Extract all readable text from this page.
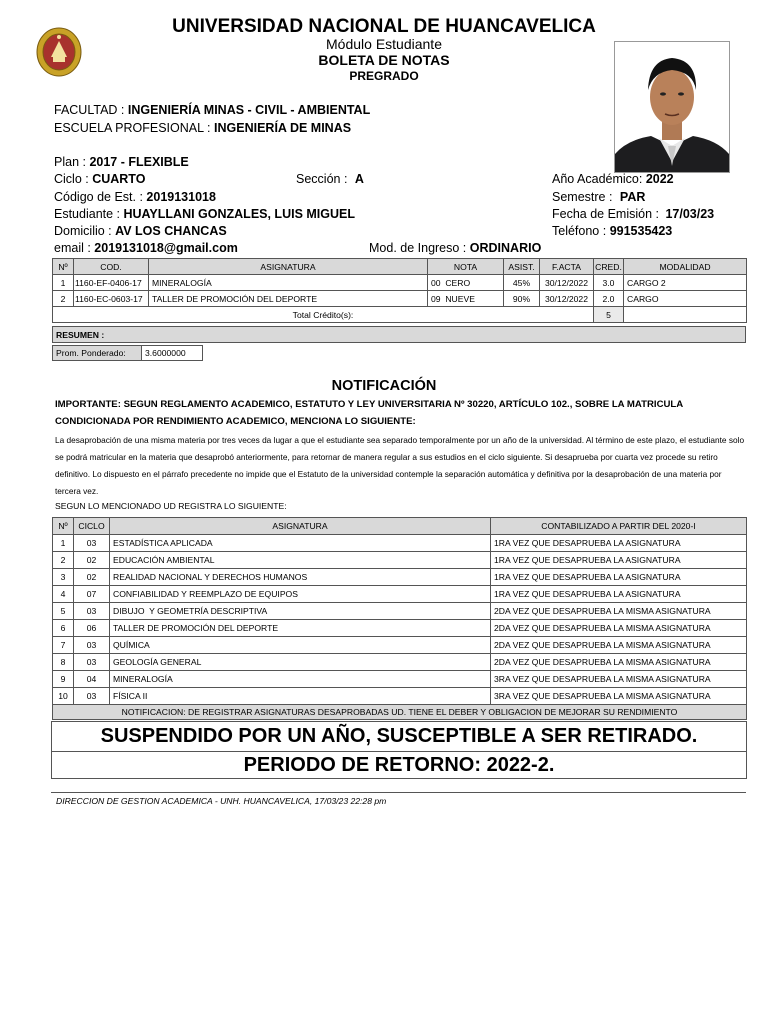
UNIVERSIDAD NACIONAL DE HUANCAVELICA
Módulo Estudiante
BOLETA DE NOTAS
PREGRADO
FACULTAD : INGENIERÍA MINAS - CIVIL - AMBIENTAL
ESCUELA PROFESIONAL : INGENIERÍA DE MINAS
Plan : 2017 - FLEXIBLE
Ciclo : CUARTO	Sección : A	Año Académico: 2022
Código de Est. : 2019131018	Semestre : PAR
Estudiante : HUAYLLANI GONZALES, LUIS MIGUEL	Fecha de Emisión : 17/03/23
Domicilio : AV LOS CHANCAS	Teléfono : 991535423
email : 2019131018@gmail.com	Mod. de Ingreso : ORDINARIO
Nº	COD.	ASIGNATURA	NOTA	ASIST.	F.ACTA	CRED.	MODALIDAD
1	1160-EF-0406-17	MINERALOGÍA	00  CERO	45%	30/12/2022	3.0	CARGO 2
2	1160-EC-0603-17	TALLER DE PROMOCIÓN DEL DEPORTE	09  NUEVE	90%	30/12/2022	2.0	CARGO
Total Crédito(s):						5	
RESUMEN :
Prom. Ponderado:	3.6000000
NOTIFICACIÓN
IMPORTANTE: SEGUN REGLAMENTO ACADEMICO, ESTATUTO Y LEY UNIVERSITARIA Nº 30220, ARTÍCULO 102., SOBRE LA MATRICULA CONDICIONADA POR RENDIMIENTO ACADEMICO, MENCIONA LO SIGUIENTE:
La desaprobación de una misma materia por tres veces da lugar a que el estudiante sea separado temporalmente por un año de la universidad. Al término de este plazo, el estudiante solo se podrá matricular en la materia que desaprobó anteriormente, para retornar de manera regular a sus estudios en el ciclo siguiente. Si desaprueba por cuarta vez procede su retiro definitivo. Lo dispuesto en el párrafo precedente no impide que el Estatuto de la universidad contemple la separación automática y definitiva por la desaprobación de una materia por tercera vez.
SEGUN LO MENCIONADO UD REGISTRA LO SIGUIENTE:
Nº	CICLO	ASIGNATURA	CONTABILIZADO A PARTIR DEL 2020-I
1	03	ESTADÍSTICA APLICADA	1RA VEZ QUE DESAPRUEBA LA ASIGNATURA
2	02	EDUCACIÓN AMBIENTAL	1RA VEZ QUE DESAPRUEBA LA ASIGNATURA
3	02	REALIDAD NACIONAL Y DERECHOS HUMANOS	1RA VEZ QUE DESAPRUEBA LA ASIGNATURA
4	07	CONFIABILIDAD Y REEMPLAZO DE EQUIPOS	1RA VEZ QUE DESAPRUEBA LA ASIGNATURA
5	03	DIBUJO  Y GEOMETRÍA DESCRIPTIVA	2DA VEZ QUE DESAPRUEBA LA MISMA ASIGNATURA
6	06	TALLER DE PROMOCIÓN DEL DEPORTE	2DA VEZ QUE DESAPRUEBA LA MISMA ASIGNATURA
7	03	QUÍMICA	2DA VEZ QUE DESAPRUEBA LA MISMA ASIGNATURA
8	03	GEOLOGÍA GENERAL	2DA VEZ QUE DESAPRUEBA LA MISMA ASIGNATURA
9	04	MINERALOGÍA	3RA VEZ QUE DESAPRUEBA LA MISMA ASIGNATURA
10	03	FÍSICA II	3RA VEZ QUE DESAPRUEBA LA MISMA ASIGNATURA
NOTIFICACION: DE REGISTRAR ASIGNATURAS DESAPROBADAS UD. TIENE EL DEBER Y OBLIGACION DE MEJORAR SU RENDIMIENTO			
SUSPENDIDO POR UN AÑO, SUSCEPTIBLE A SER RETIRADO.
PERIODO DE RETORNO: 2022-2.
DIRECCION DE GESTION ACADEMICA - UNH. HUANCAVELICA, 17/03/23 22:28 pm
